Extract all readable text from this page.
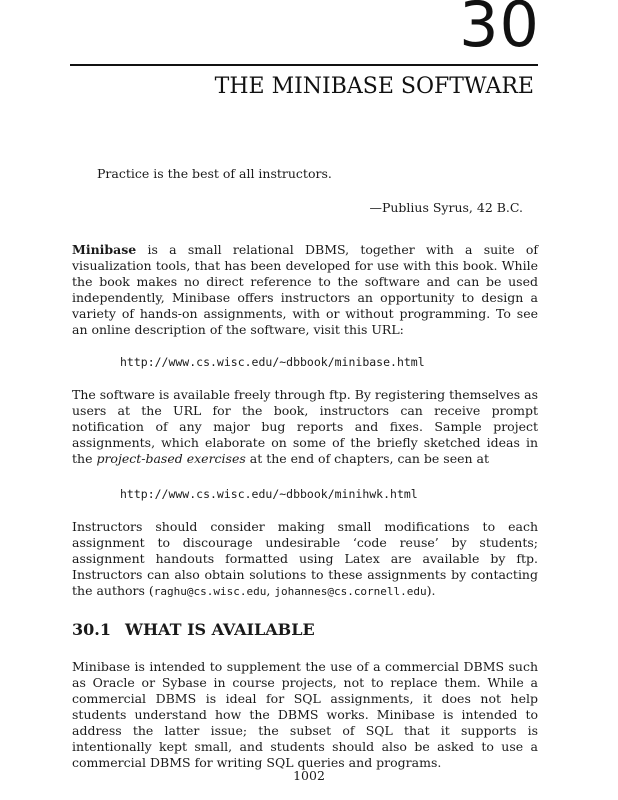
30
THE MINIBASE SOFTWARE
Practice is the best of all instructors.
—Publius Syrus, 42 B.C.

Minibase is a small relational DBMS, together with a suite of visualization tools, that has been developed for use with this book. While the book makes no direct reference to the software and can be used independently, Minibase offers instructors an opportunity to design a variety of hands-on assignments, with or without programming. To see an online description of the software, visit this URL:

http://www.cs.wisc.edu/~dbbook/minibase.html

The software is available freely through ftp. By registering themselves as users at the URL for the book, instructors can receive prompt notification of any major bug reports and fixes. Sample project assignments, which elaborate on some of the briefly sketched ideas in the project-based exercises at the end of chapters, can be seen at

http://www.cs.wisc.edu/~dbbook/minihwk.html

Instructors should consider making small modifications to each assignment to discourage undesirable ‘code reuse’ by students; assignment handouts formatted using Latex are available by ftp. Instructors can also obtain solutions to these assignments by contacting the authors (raghu@cs.wisc.edu, johannes@cs.cornell.edu).

30.1 WHAT IS AVAILABLE

Minibase is intended to supplement the use of a commercial DBMS such as Oracle or Sybase in course projects, not to replace them. While a commercial DBMS is ideal for SQL assignments, it does not help students understand how the DBMS works. Minibase is intended to address the latter issue; the subset of SQL that it supports is intentionally kept small, and students should also be asked to use a commercial DBMS for writing SQL queries and programs.

1002
